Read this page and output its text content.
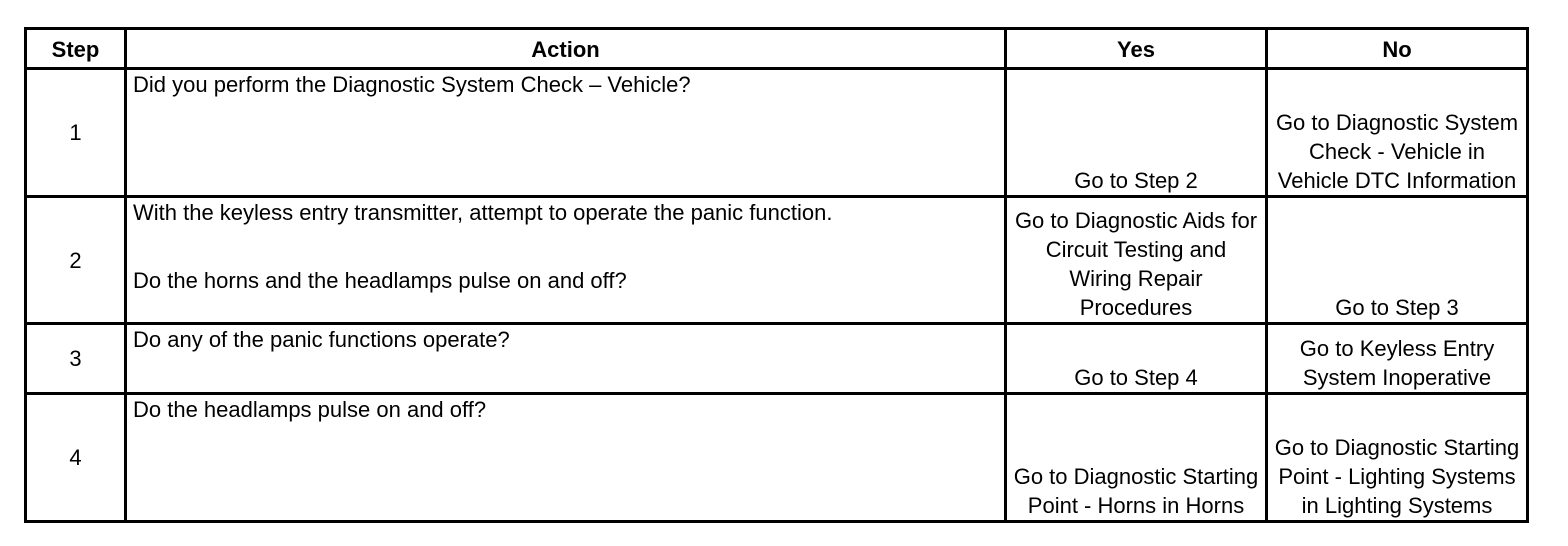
Step	Action	Yes	No
1	Did you perform the Diagnostic System Check – Vehicle?	Go to Step 2	Go to Diagnostic System Check - Vehicle in Vehicle DTC Information
2	With the keyless entry transmitter, attempt to operate the panic function.
Do the horns and the headlamps pulse on and off?	Go to Diagnostic Aids for Circuit Testing and Wiring Repair Procedures	Go to Step 3
3	Do any of the panic functions operate?	Go to Step 4	Go to Keyless Entry System Inoperative
4	Do the headlamps pulse on and off?	Go to Diagnostic Starting Point - Horns in Horns	Go to Diagnostic Starting Point - Lighting Systems in Lighting Systems
